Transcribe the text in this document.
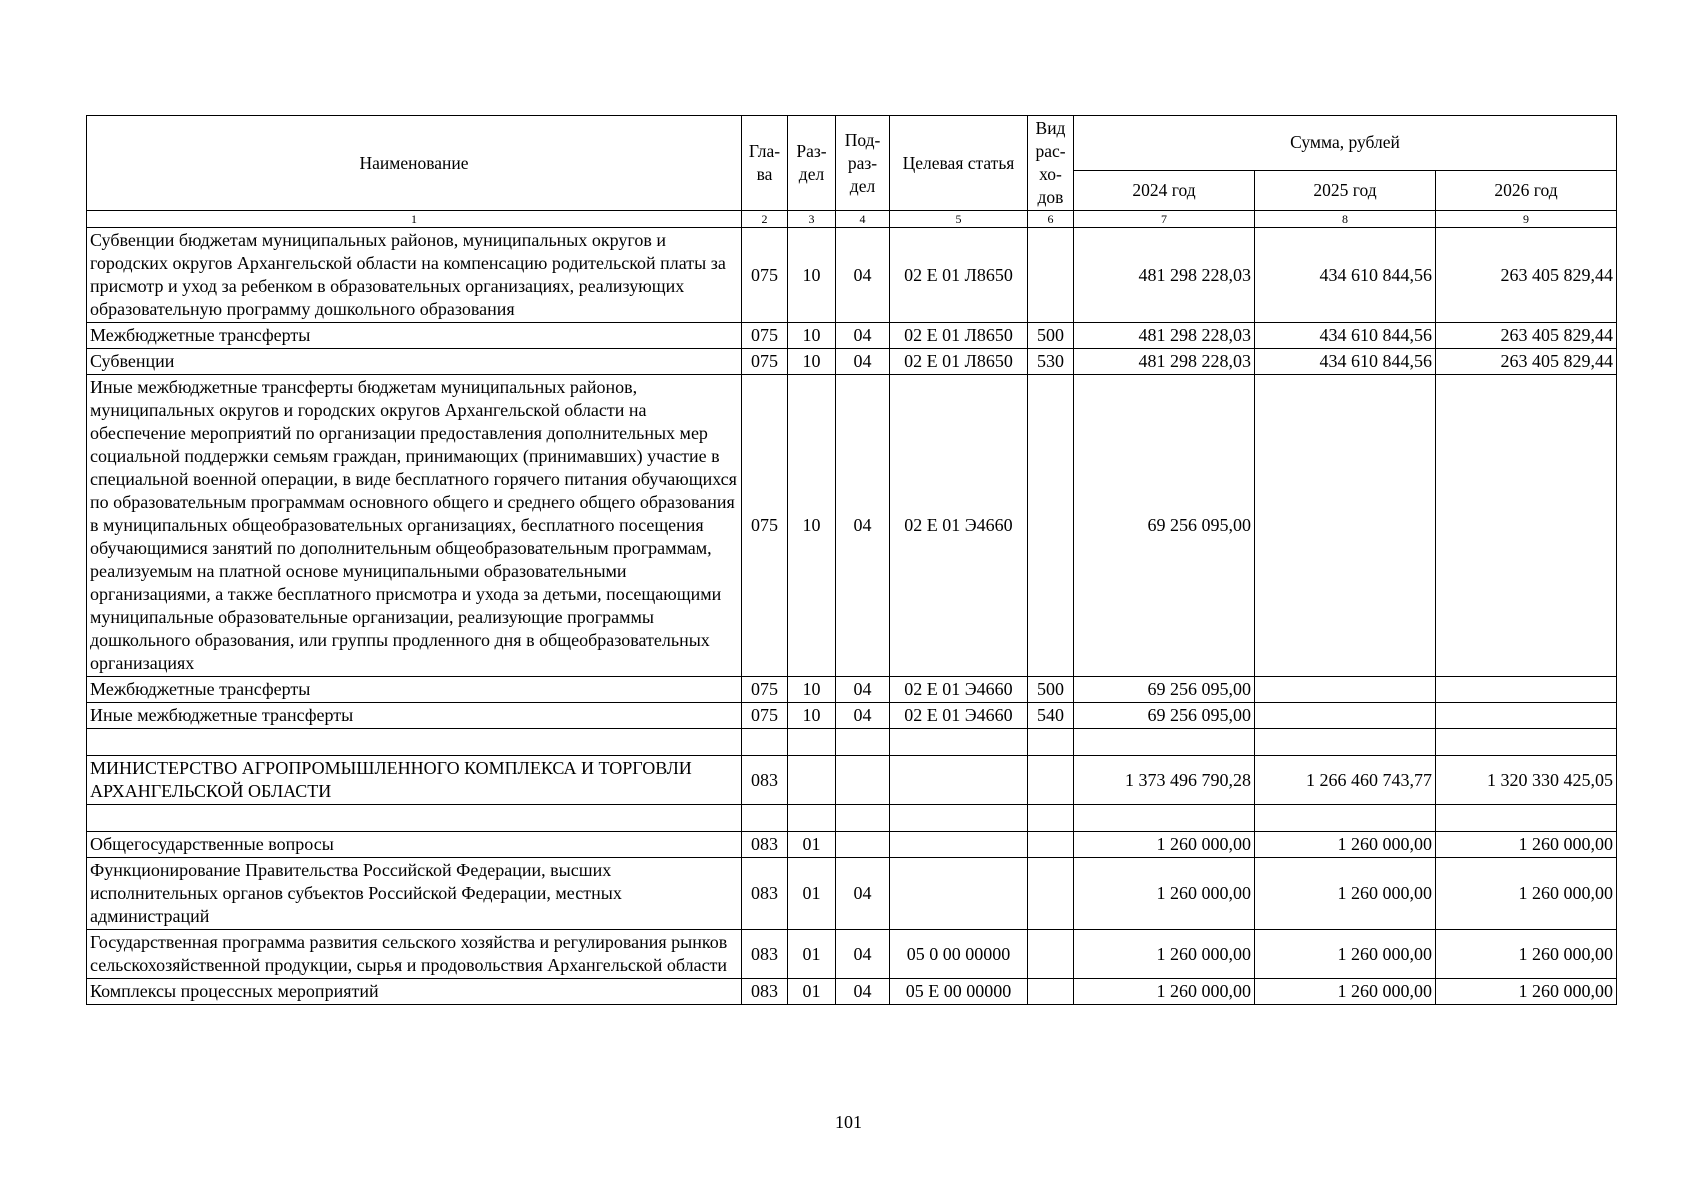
Наименование	Гла-ва	Раз-дел	Под-раз-дел	Целевая статья	Вид рас-хо-дов	Сумма, рублей		
						2024 год	2025 год	2026 год
1	2	3	4	5	6	7	8	9
Субвенции бюджетам муниципальных районов, муниципальных округов и городских округов Архангельской области на компенсацию родительской платы за присмотр и уход за ребенком в образовательных организациях, реализующих образовательную программу дошкольного образования	075	10	04	02 Е 01 Л8650		481 298 228,03	434 610 844,56	263 405 829,44
Межбюджетные трансферты	075	10	04	02 Е 01 Л8650	500	481 298 228,03	434 610 844,56	263 405 829,44
Субвенции	075	10	04	02 Е 01 Л8650	530	481 298 228,03	434 610 844,56	263 405 829,44
Иные межбюджетные трансферты бюджетам муниципальных районов, муниципальных округов и городских округов Архангельской области на обеспечение мероприятий по организации предоставления дополнительных мер социальной поддержки семьям граждан, принимающих (принимавших) участие в специальной военной операции, в виде бесплатного горячего питания обучающихся по образовательным программам основного общего и среднего общего образования в муниципальных общеобразовательных организациях, бесплатного посещения обучающимися занятий по дополнительным общеобразовательным программам, реализуемым на платной основе муниципальными образовательными организациями, а также бесплатного присмотра и ухода за детьми, посещающими муниципальные образовательные организации, реализующие программы дошкольного образования, или группы продленного дня в общеобразовательных организациях	075	10	04	02 Е 01 Э4660		69 256 095,00		
Межбюджетные трансферты	075	10	04	02 Е 01 Э4660	500	69 256 095,00		
Иные межбюджетные трансферты	075	10	04	02 Е 01 Э4660	540	69 256 095,00		

МИНИСТЕРСТВО АГРОПРОМЫШЛЕННОГО КОМПЛЕКСА И ТОРГОВЛИ АРХАНГЕЛЬСКОЙ ОБЛАСТИ	083					1 373 496 790,28	1 266 460 743,77	1 320 330 425,05

Общегосударственные вопросы	083	01				1 260 000,00	1 260 000,00	1 260 000,00
Функционирование Правительства Российской Федерации, высших исполнительных органов субъектов Российской Федерации, местных администраций	083	01	04			1 260 000,00	1 260 000,00	1 260 000,00
Государственная программа развития сельского хозяйства и регулирования рынков сельскохозяйственной продукции, сырья и продовольствия Архангельской области	083	01	04	05 0 00 00000		1 260 000,00	1 260 000,00	1 260 000,00
Комплексы процессных мероприятий	083	01	04	05 Е 00 00000		1 260 000,00	1 260 000,00	1 260 000,00
101
